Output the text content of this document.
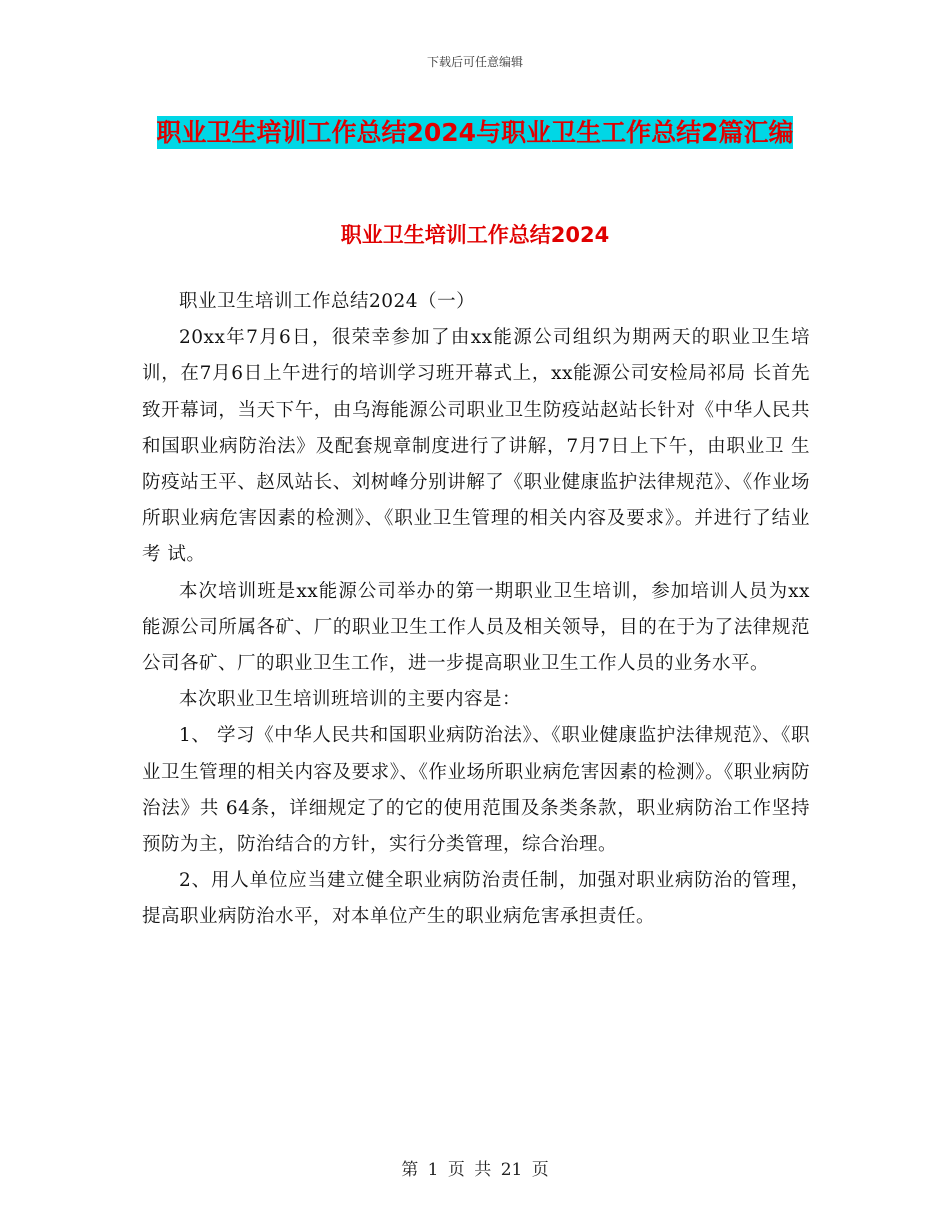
下载后可任意编辑
职业卫生培训工作总结2024与职业卫生工作总结2篇汇编
职业卫生培训工作总结2024

职业卫生培训工作总结2024（一）

20xx年7月6日，很荣幸参加了由xx能源公司组织为期两天的职业卫生培训，在7月6日上午进行的培训学习班开幕式上，xx能源公司安检局祁局 长首先致开幕词，当天下午，由乌海能源公司职业卫生防疫站赵站长针对《中华人民共和国职业病防治法》及配套规章制度进行了讲解，7月7日上下午，由职业卫 生防疫站王平、赵凤站长、刘树峰分别讲解了《职业健康监护法律规范》、《作业场所职业病危害因素的检测》、《职业卫生管理的相关内容及要求》。并进行了结业考 试。

本次培训班是xx能源公司举办的第一期职业卫生培训，参加培训人员为xx能源公司所属各矿、厂的职业卫生工作人员及相关领导，目的在于为了法律规范公司各矿、厂的职业卫生工作，进一步提高职业卫生工作人员的业务水平。

本次职业卫生培训班培训的主要内容是：

1、 学习《中华人民共和国职业病防治法》、《职业健康监护法律规范》、《职业卫生管理的相关内容及要求》、《作业场所职业病危害因素的检测》。《职业病防治法》共 64条，详细规定了的它的使用范围及条类条款，职业病防治工作坚持预防为主，防治结合的方针，实行分类管理，综合治理。

2、用人单位应当建立健全职业病防治责任制，加强对职业病防治的管理，提高职业病防治水平，对本单位产生的职业病危害承担责任。

第 1 页 共 21 页
